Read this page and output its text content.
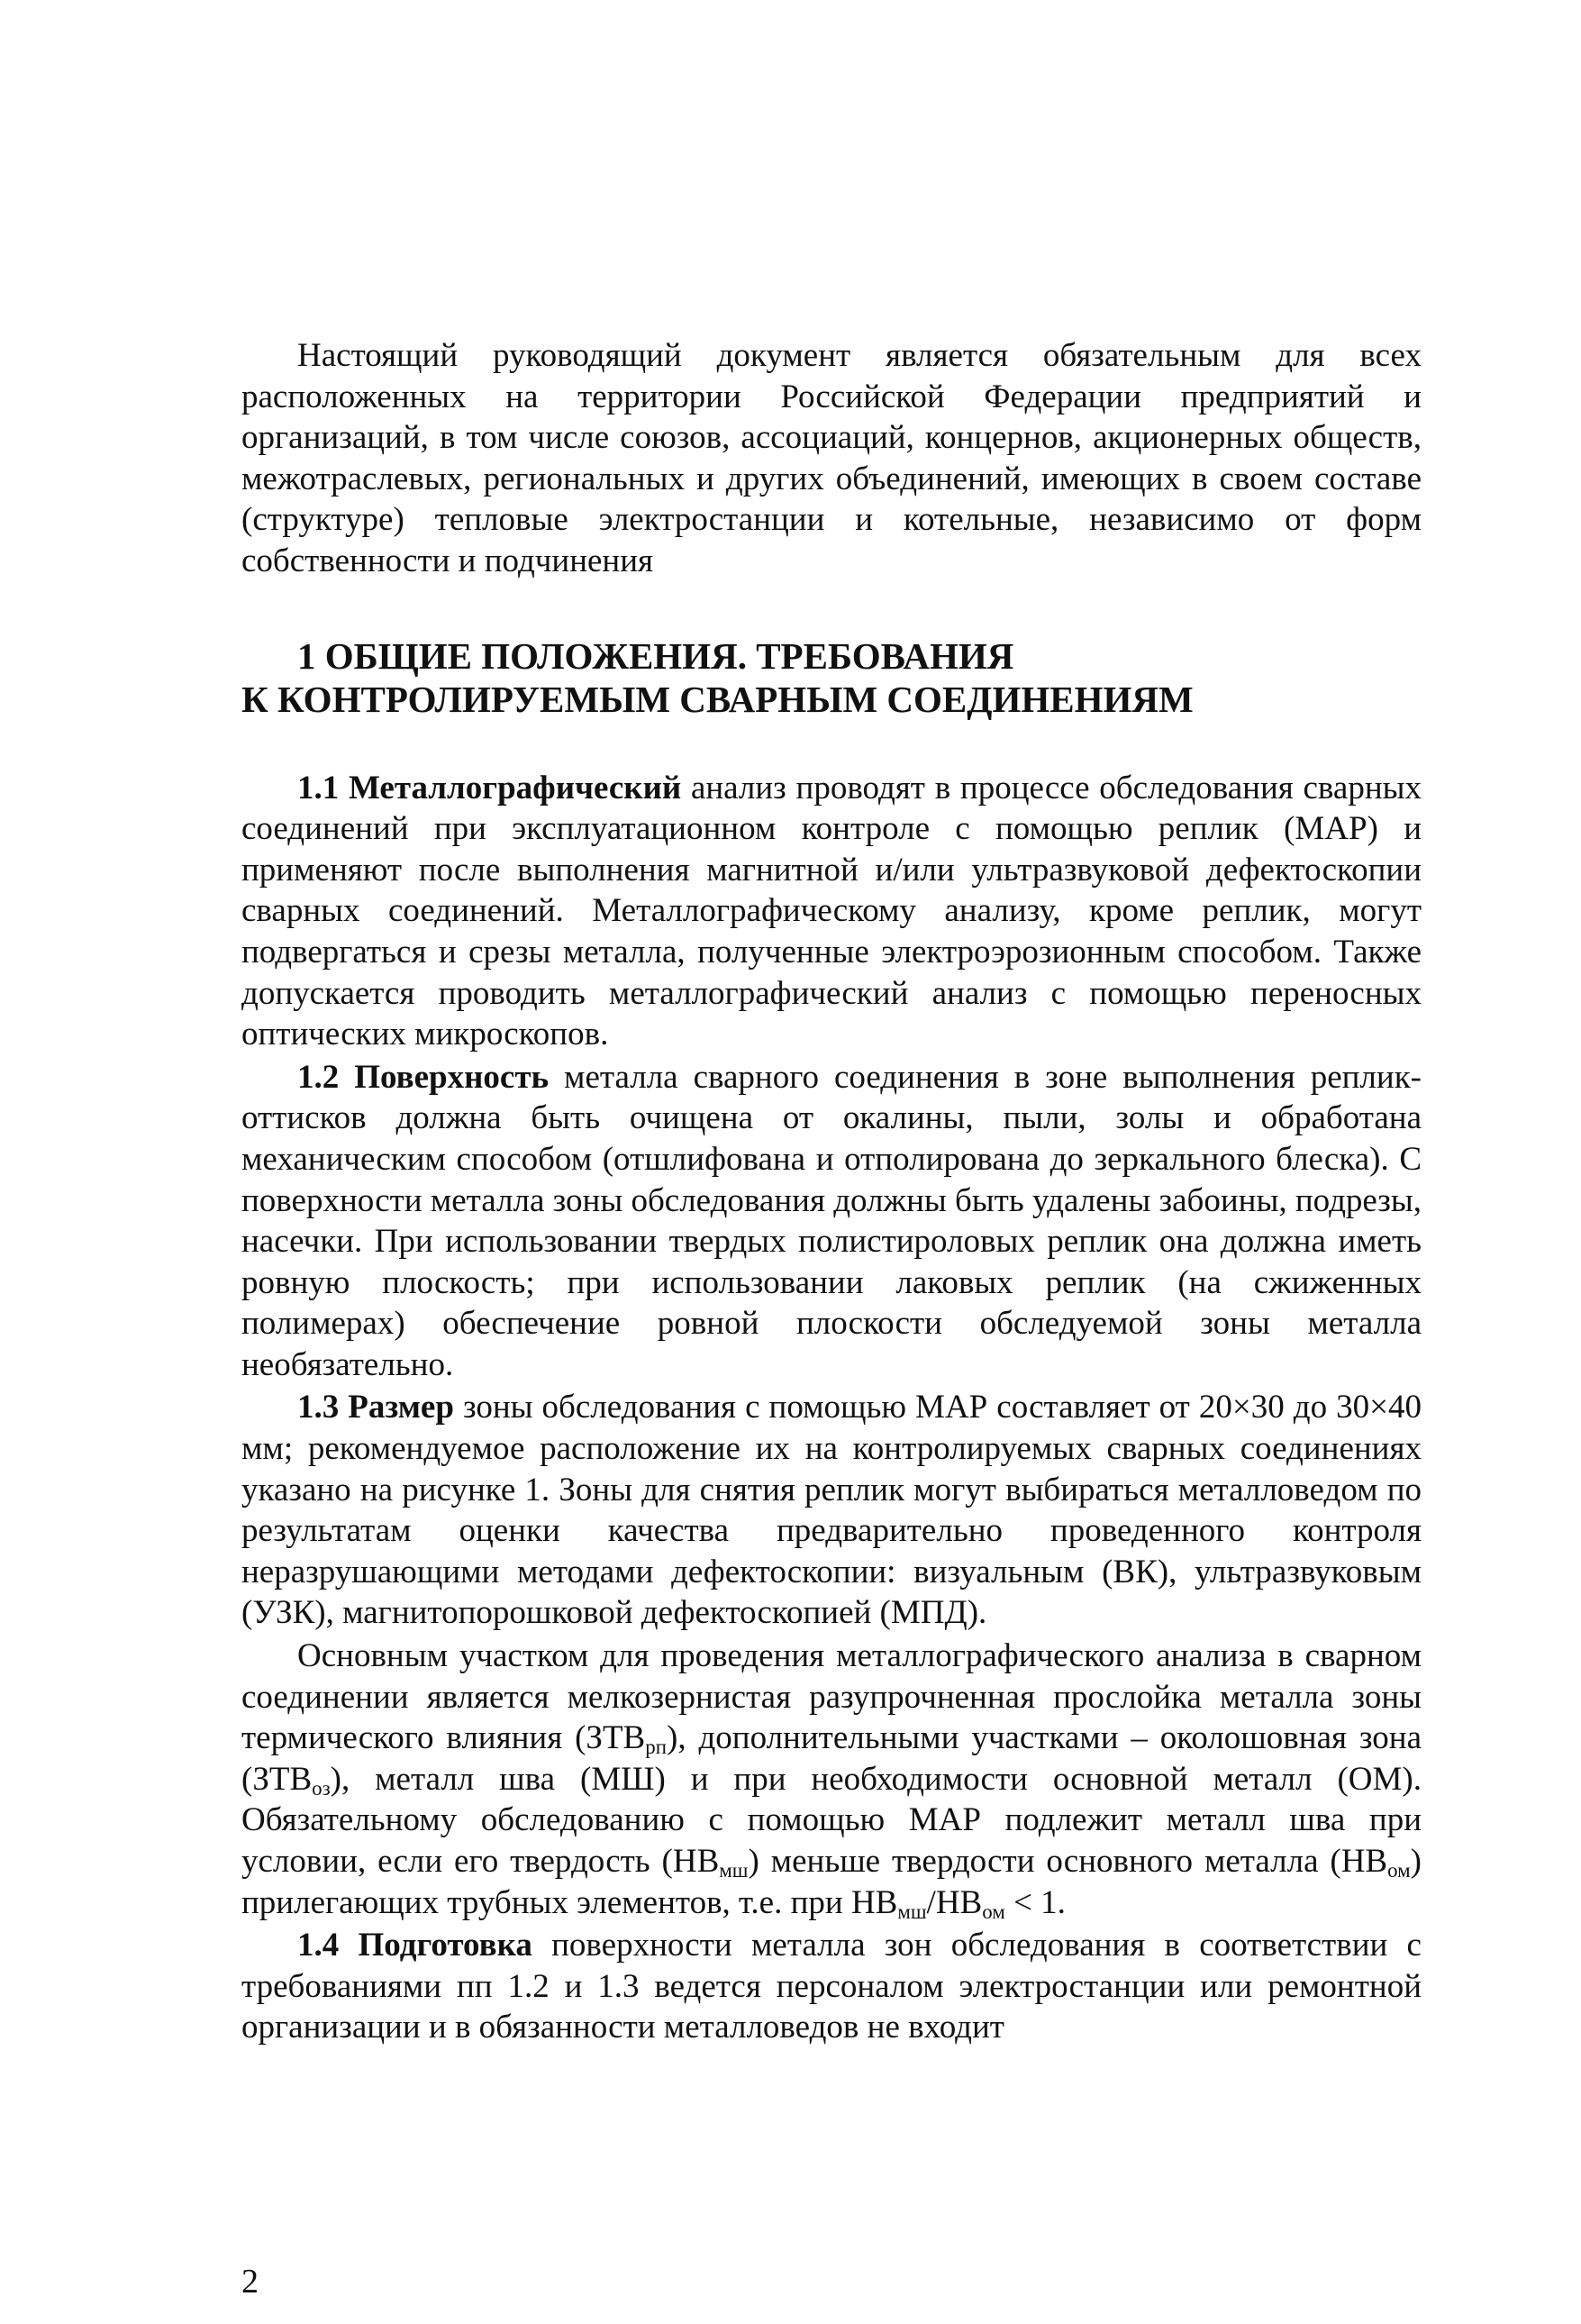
Настоящий руководящий документ является обязательным для всех расположенных на территории Российской Федерации предприятий и организаций, в том числе союзов, ассоциаций, концернов, акционерных обществ, межотраслевых, региональных и других объединений, имеющих в своем составе (структуре) тепловые электростанции и котельные, независимо от форм собственности и подчинения

1 ОБЩИЕ ПОЛОЖЕНИЯ. ТРЕБОВАНИЯ
К КОНТРОЛИРУЕМЫМ СВАРНЫМ СОЕДИНЕНИЯМ

1.1 Металлографический анализ проводят в процессе обследования сварных соединений при эксплуатационном контроле с помощью реплик (МАР) и применяют после выполнения магнитной и/или ультразвуковой дефектоскопии сварных соединений. Металлографическому анализу, кроме реплик, могут подвергаться и срезы металла, полученные электроэрозионным способом. Также допускается проводить металлографический анализ с помощью переносных оптических микроскопов.

1.2 Поверхность металла сварного соединения в зоне выполнения реплик-оттисков должна быть очищена от окалины, пыли, золы и обработана механическим способом (отшлифована и отполирована до зеркального блеска). С поверхности металла зоны обследования должны быть удалены забоины, подрезы, насечки. При использовании твердых полистироловых реплик она должна иметь ровную плоскость; при использовании лаковых реплик (на сжиженных полимерах) обеспечение ровной плоскости обследуемой зоны металла необязательно.

1.3 Размер зоны обследования с помощью МАР составляет от 20×30 до 30×40 мм; рекомендуемое расположение их на контролируемых сварных соединениях указано на рисунке 1. Зоны для снятия реплик могут выбираться металловедом по результатам оценки качества предварительно проведенного контроля неразрушающими методами дефектоскопии: визуальным (ВК), ультразвуковым (УЗК), магнитопорошковой дефектоскопией (МПД).

Основным участком для проведения металлографического анализа в сварном соединении является мелкозернистая разупрочненная прослойка металла зоны термического влияния $(ЗТВ_{рп})$, дополнительными участками – околошовная зона $(ЗТВ_{оз})$, металл шва (МШ) и при необходимости основной металл (ОМ). Обязательному обследованию с помощью МАР подлежит металл шва при условии, если его твердость $(НВ_{мш})$ меньше твердости основного металла $(НВ_{ом})$ прилегающих трубных элементов, т.е. при $НВ_{мш}/НВ_{ом} < 1$.

1.4 Подготовка поверхности металла зон обследования в соответствии с требованиями пп 1.2 и 1.3 ведется персоналом электростанции или ремонтной организации и в обязанности металловедов не входит

2
